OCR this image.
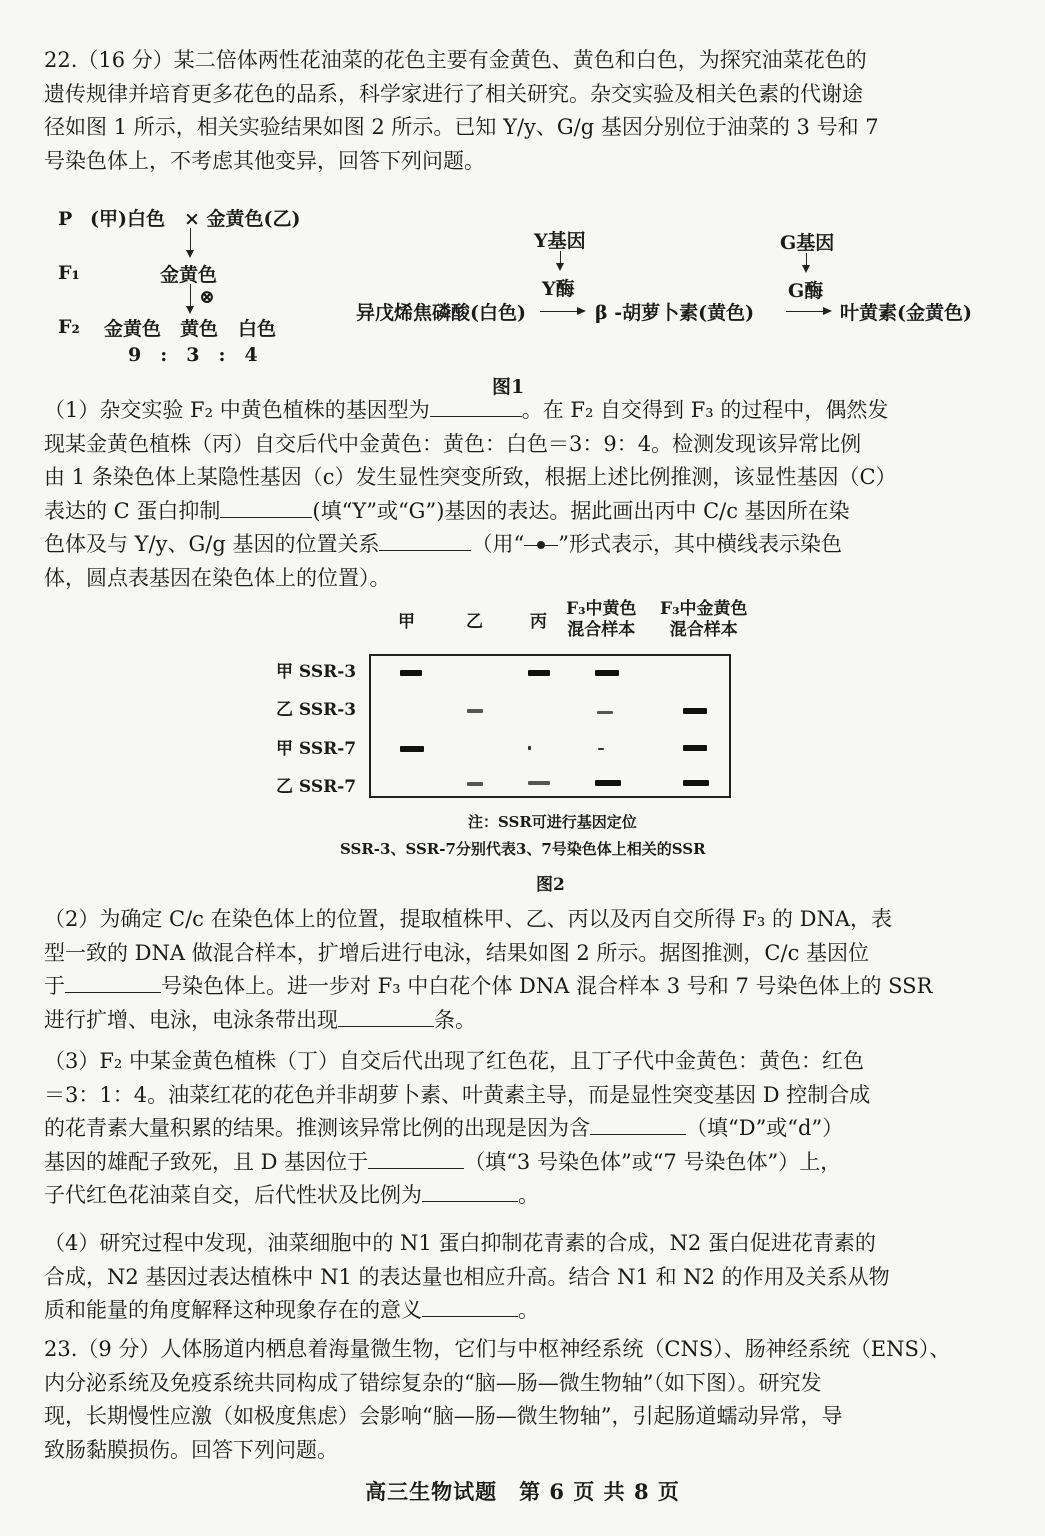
22.（16 分）某二倍体两性花油菜的花色主要有金黄色、黄色和白色，为探究油菜花色的
遗传规律并培育更多花色的品系，科学家进行了相关研究。杂交实验及相关色素的代谢途
径如图 1 所示，相关实验结果如图 2 所示。已知 Y/y、G/g 基因分别位于油菜的 3 号和 7
号染色体上，不考虑其他变异，回答下列问题。
P (甲)白色　× 金黄色(乙)
F₁	金黄色
⊗
F₂ 金黄色 黄色 白色
9　:　3　:　4
Y基因
Y酶
G基因
G酶
异戊烯焦磷酸(白色)	β -胡萝卜素(黄色)	叶黄素(金黄色)
图1
（1）杂交实验 F₂ 中黄色植株的基因型为	。在 F₂ 自交得到 F₃ 的过程中，偶然发
现某金黄色植株（丙）自交后代中金黄色：黄色：白色＝3：9：4。检测发现该异常比例
由 1 条染色体上某隐性基因（c）发生显性突变所致，根据上述比例推测，该显性基因（C）
表达的 C 蛋白抑制	(填“Y”或“G”)基因的表达。据此画出丙中 C/c 基因所在染
色体及与 Y/y、G/g 基因的位置关系	（用“ ”形式表示，其中横线表示染色
体，圆点表基因在染色体上的位置）。
甲	乙	丙
F₃中黄色
混合样本
F₃中金黄色
混合样本
甲 SSR-3
乙 SSR-3
甲 SSR-7
乙 SSR-7
注：SSR可进行基因定位
SSR-3、SSR-7分别代表3、7号染色体上相关的SSR
图2
（2）为确定 C/c 在染色体上的位置，提取植株甲、乙、丙以及丙自交所得 F₃ 的 DNA，表
型一致的 DNA 做混合样本，扩增后进行电泳，结果如图 2 所示。据图推测，C/c 基因位
于	号染色体上。进一步对 F₃ 中白花个体 DNA 混合样本 3 号和 7 号染色体上的 SSR
进行扩增、电泳，电泳条带出现	条。
（3）F₂ 中某金黄色植株（丁）自交后代出现了红色花，且丁子代中金黄色：黄色：红色
＝3：1：4。油菜红花的花色并非胡萝卜素、叶黄素主导，而是显性突变基因 D 控制合成
的花青素大量积累的结果。推测该异常比例的出现是因为含	（填“D”或“d”）
基因的雄配子致死，且 D 基因位于	（填“3 号染色体”或“7 号染色体”）上，
子代红色花油菜自交，后代性状及比例为	。
（4）研究过程中发现，油菜细胞中的 N1 蛋白抑制花青素的合成，N2 蛋白促进花青素的
合成，N2 基因过表达植株中 N1 的表达量也相应升高。结合 N1 和 N2 的作用及关系从物
质和能量的角度解释这种现象存在的意义	。
23.（9 分）人体肠道内栖息着海量微生物，它们与中枢神经系统（CNS）、肠神经系统（ENS）、
内分泌系统及免疫系统共同构成了错综复杂的“脑—肠—微生物轴”（如下图）。研究发
现，长期慢性应激（如极度焦虑）会影响“脑—肠—微生物轴”，引起肠道蠕动异常，导
致肠黏膜损伤。回答下列问题。
高三生物试题　第 6 页 共 8 页
